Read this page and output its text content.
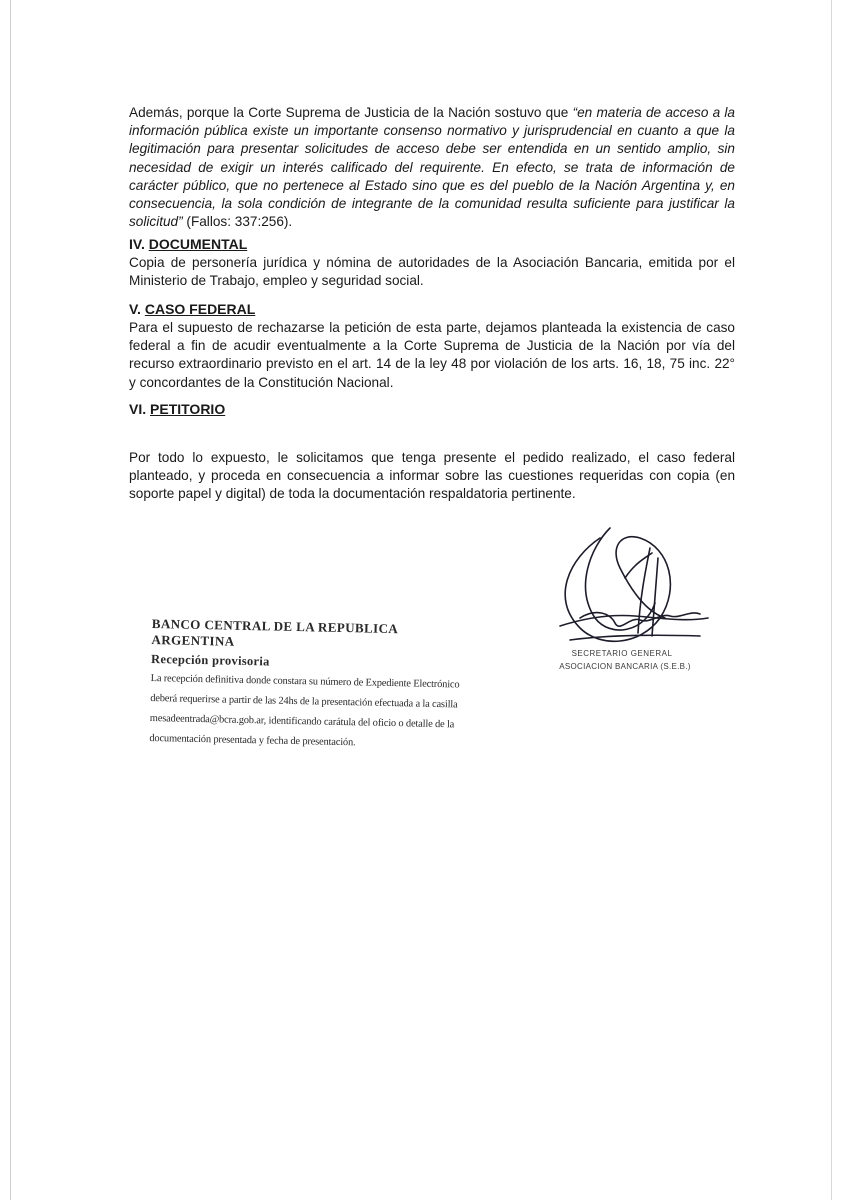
Además, porque la Corte Suprema de Justicia de la Nación sostuvo que “en materia de acceso a la información pública existe un importante consenso normativo y jurisprudencial en cuanto a que la legitimación para presentar solicitudes de acceso debe ser entendida en un sentido amplio, sin necesidad de exigir un interés calificado del requirente. En efecto, se trata de información de carácter público, que no pertenece al Estado sino que es del pueblo de la Nación Argentina y, en consecuencia, la sola condición de integrante de la comunidad resulta suficiente para justificar la solicitud” (Fallos: 337:256).

IV. DOCUMENTAL

Copia de personería jurídica y nómina de autoridades de la Asociación Bancaria, emitida por el Ministerio de Trabajo, empleo y seguridad social.

V. CASO FEDERAL

Para el supuesto de rechazarse la petición de esta parte, dejamos planteada la existencia de caso federal a fin de acudir eventualmente a la Corte Suprema de Justicia de la Nación por vía del recurso extraordinario previsto en el art. 14 de la ley 48 por violación de los arts. 16, 18, 75 inc. 22° y concordantes de la Constitución Nacional.

VI. PETITORIO

Por todo lo expuesto, le solicitamos que tenga presente el pedido realizado, el caso federal planteado, y proceda en consecuencia a informar sobre las cuestiones requeridas con copia (en soporte papel y digital) de toda la documentación respaldatoria pertinente.

SECRETARIO GENERAL
ASOCIACION BANCARIA (S.E.B.)
BANCO CENTRAL DE LA REPUBLICA ARGENTINA
Recepción provisoria
La recepción definitiva donde constara su número de Expediente Electrónico
deberá requerirse a partir de las 24hs de la presentación efectuada a la casilla
mesadeentrada@bcra.gob.ar, identificando carátula del oficio o detalle de la
documentación presentada y fecha de presentación.
